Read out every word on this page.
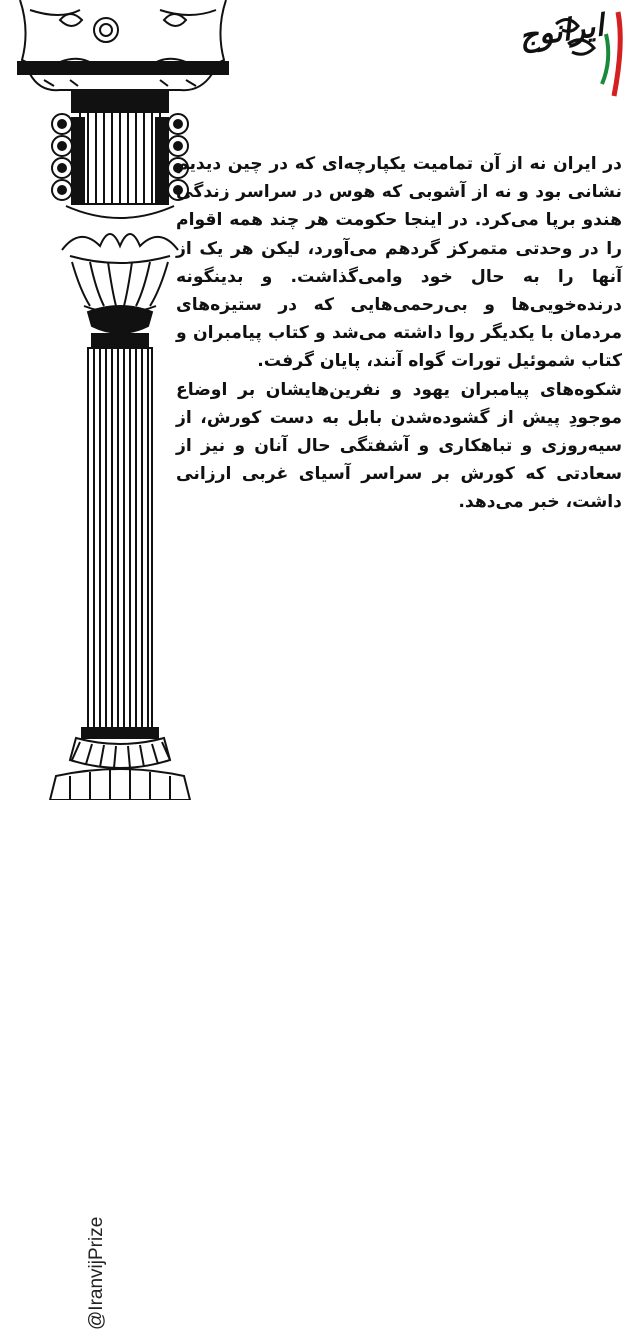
ایرانوج
@IranvijPrize

در ایران نه از آن تمامیت یکپارچه‌ای که در چین دیدیم نشانی بود و نه از آشوبی که هوس در سراسر زندگی هندو برپا می‌کرد. در اینجا حکومت هر چند همه اقوام را در وحدتی متمرکز گردهم می‌آورد، لیکن هر یک از آنها را به حال خود وامی‌گذاشت. و بدینگونه درنده‌خویی‌ها و بی‌رحمی‌هایی که در ستیزه‌های مردمان با یکدیگر روا داشته می‌شد و کتاب پیامبران و کتاب شموئیل تورات گواه آنند، پایان گرفت.

شکوه‌های پیامبران یهود و نفرین‌هایشان بر اوضاع موجودِ پیش از گشوده‌شدن بابل به دست کورش، از سیه‌روزی و تباهکاری و آشفتگی حال آنان و نیز از سعادتی که کورش بر سراسر آسیای غربی ارزانی داشت، خبر می‌دهد.
